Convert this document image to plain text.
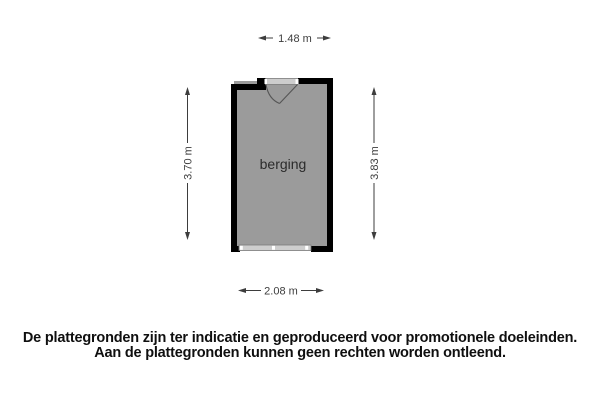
berging
1.48 m
3.70 m	3.83 m
2.08 m
De plattegronden zijn ter indicatie en geproduceerd voor promotionele doeleinden.
Aan de plattegronden kunnen geen rechten worden ontleend.
